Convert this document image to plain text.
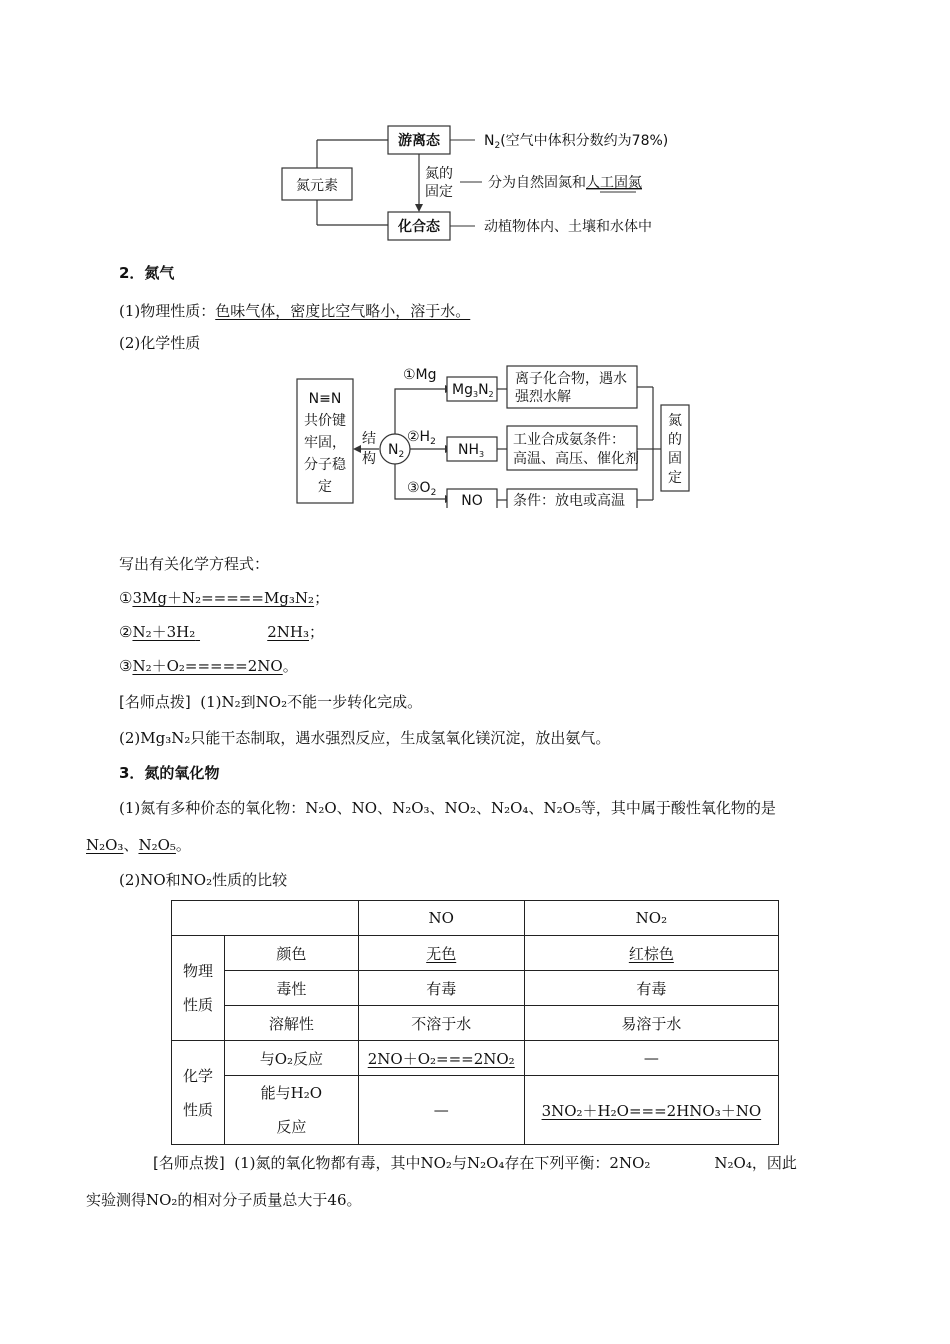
氮元素
游离态
化合态
氮的
固定
$N_2$(空气中体积分数约为78%)
分为自然固氮和人工固氮
动植物体内、土壤和水体中
2．氮气
(1)物理性质：色味气体，密度比空气略小，溶于水。
(2)化学性质
N≡N
共价键
牢固，
分子稳
定
结
构
$N_2$
①Mg
$②H_2$
$③O_2$
$Mg_3N_2$
$NH_3$
NO
离子化合物，遇水
强烈水解
工业合成氨条件：
高温、高压、催化剂
条件：放电或高温
氮
的
固
定
写出有关化学方程式：
①3Mg＋N₂=====Mg₃N₂；
②N₂＋3H₂	2NH₃；
③N₂＋O₂=====2NO。
[名师点拨] (1)N₂到NO₂不能一步转化完成。
(2)Mg₃N₂只能干态制取，遇水强烈反应，生成氢氧化镁沉淀，放出氨气。
3．氮的氧化物
(1)氮有多种价态的氧化物：N₂O、NO、N₂O₃、NO₂、N₂O₄、N₂O₅等，其中属于酸性氧化物的是
N₂O₃、N₂O₅。
(2)NO和NO₂性质的比较
		NO	NO₂

物理
性质	颜色	无色	红棕色
	毒性	有毒	有毒
	溶解性	不溶于水	易溶于水

化学
性质	与O₂反应	2NO＋O₂===2NO₂	—

	能与H₂O
反应	—	3NO₂＋H₂O===2HNO₃＋NO
[名师点拨] (1)氮的氧化物都有毒，其中NO₂与N₂O₄存在下列平衡：2NO₂	N₂O₄，因此
实验测得NO₂的相对分子质量总大于46。
